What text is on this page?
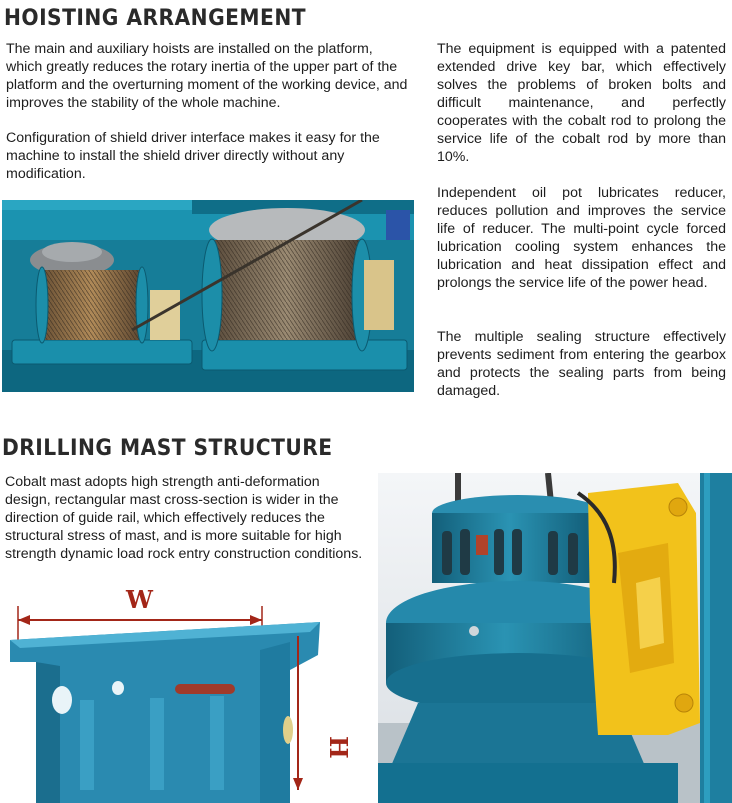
HOISTING ARRANGEMENT

The main and auxiliary hoists are installed on the platform, which greatly reduces the rotary inertia of the upper part of the platform and the overturning moment of the working device, and improves the stability of the whole machine.

Configuration of shield driver interface makes it easy for the machine to install the shield driver directly without any modification.

The equipment is equipped with a patented extended drive key bar, which effectively solves the problems of broken bolts and difficult maintenance, and perfectly cooperates with the cobalt rod to prolong the service life of the cobalt rod by more than 10%.

Independent oil pot lubricates reducer, reduces pollution and improves the service life of reducer. The multi-point cycle forced lubrication cooling system enhances the lubrication and heat dissipation effect and prolongs the service life of the power head.

The multiple sealing structure effectively prevents sediment from entering the gearbox and protects the sealing parts from being damaged.

DRILLING MAST STRUCTURE

Cobalt mast adopts high strength anti-deformation design, rectangular mast cross-section is wider in the direction of guide rail, which effectively reduces the structural stress of mast, and is more suitable for high strength dynamic load rock entry construction conditions.

W
H
